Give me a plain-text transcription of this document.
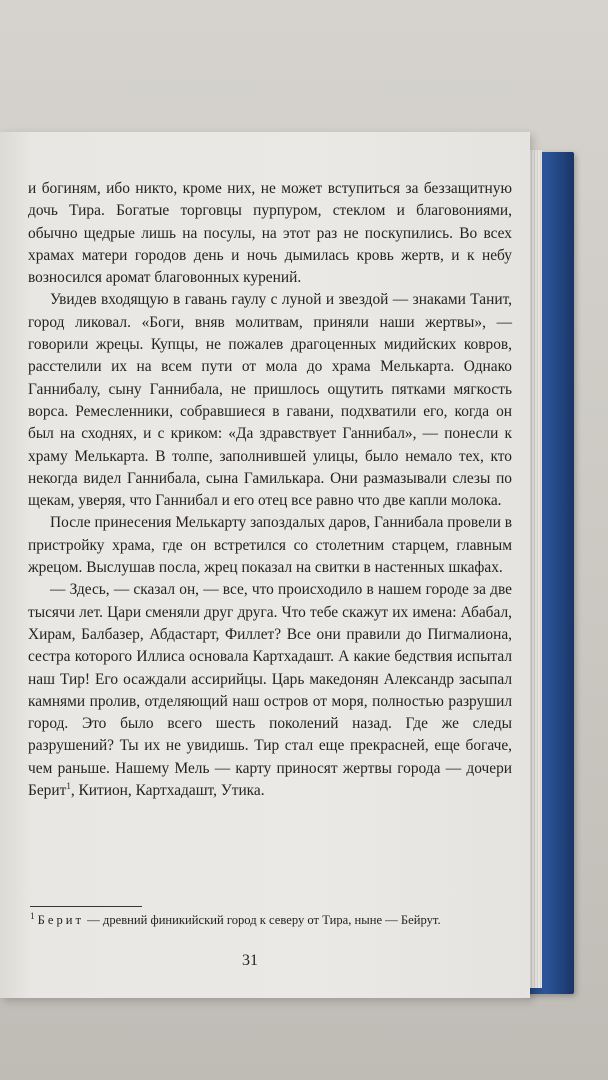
и богиням, ибо никто, кроме них, не может вступиться за беззащитную дочь Тира. Богатые торговцы пурпуром, стеклом и благовониями, обычно щедрые лишь на посулы, на этот раз не поскупились. Во всех храмах матери городов день и ночь дымилась кровь жертв, и к небу возносился аромат благовонных курений.

Увидев входящую в гавань гаулу с луной и звездой — знаками Танит, город ликовал. «Боги, вняв молитвам, приняли наши жертвы», — говорили жрецы. Купцы, не пожалев драгоценных мидийских ковров, расстелили их на всем пути от мола до храма Мелькарта. Однако Ганнибалу, сыну Ганнибала, не пришлось ощутить пятками мягкость ворса. Ремесленники, собравшиеся в гавани, подхватили его, когда он был на сходнях, и с криком: «Да здравствует Ганнибал», — понесли к храму Мелькарта. В толпе, заполнившей улицы, было немало тех, кто некогда видел Ганнибала, сына Гамилькара. Они размазывали слезы по щекам, уверяя, что Ганнибал и его отец все равно что две капли молока.

После принесения Мелькарту запоздалых даров, Ганнибала провели в пристройку храма, где он встретился со столетним старцем, главным жрецом. Выслушав посла, жрец показал на свитки в настенных шкафах.

— Здесь, — сказал он, — все, что происходило в нашем городе за две тысячи лет. Цари сменяли друг друга. Что тебе скажут их имена: Абабал, Хирам, Балбазер, Абдастарт, Филлет? Все они правили до Пигмалиона, сестра которого Иллиса основала Картхадашт. А какие бедствия испытал наш Тир! Его осаждали ассирийцы. Царь македонян Александр засыпал камнями пролив, отделяющий наш остров от моря, полностью разрушил город. Это было всего шесть поколений назад. Где же следы разрушений? Ты их не увидишь. Тир стал еще прекрасней, еще богаче, чем раньше. Нашему Мель — карту приносят жертвы города — дочери Берит$^1$, Китион, Картхадашт, Утика.

$^1$ Берит — древний финикийский город к северу от Тира, ныне — Бейрут.
31
